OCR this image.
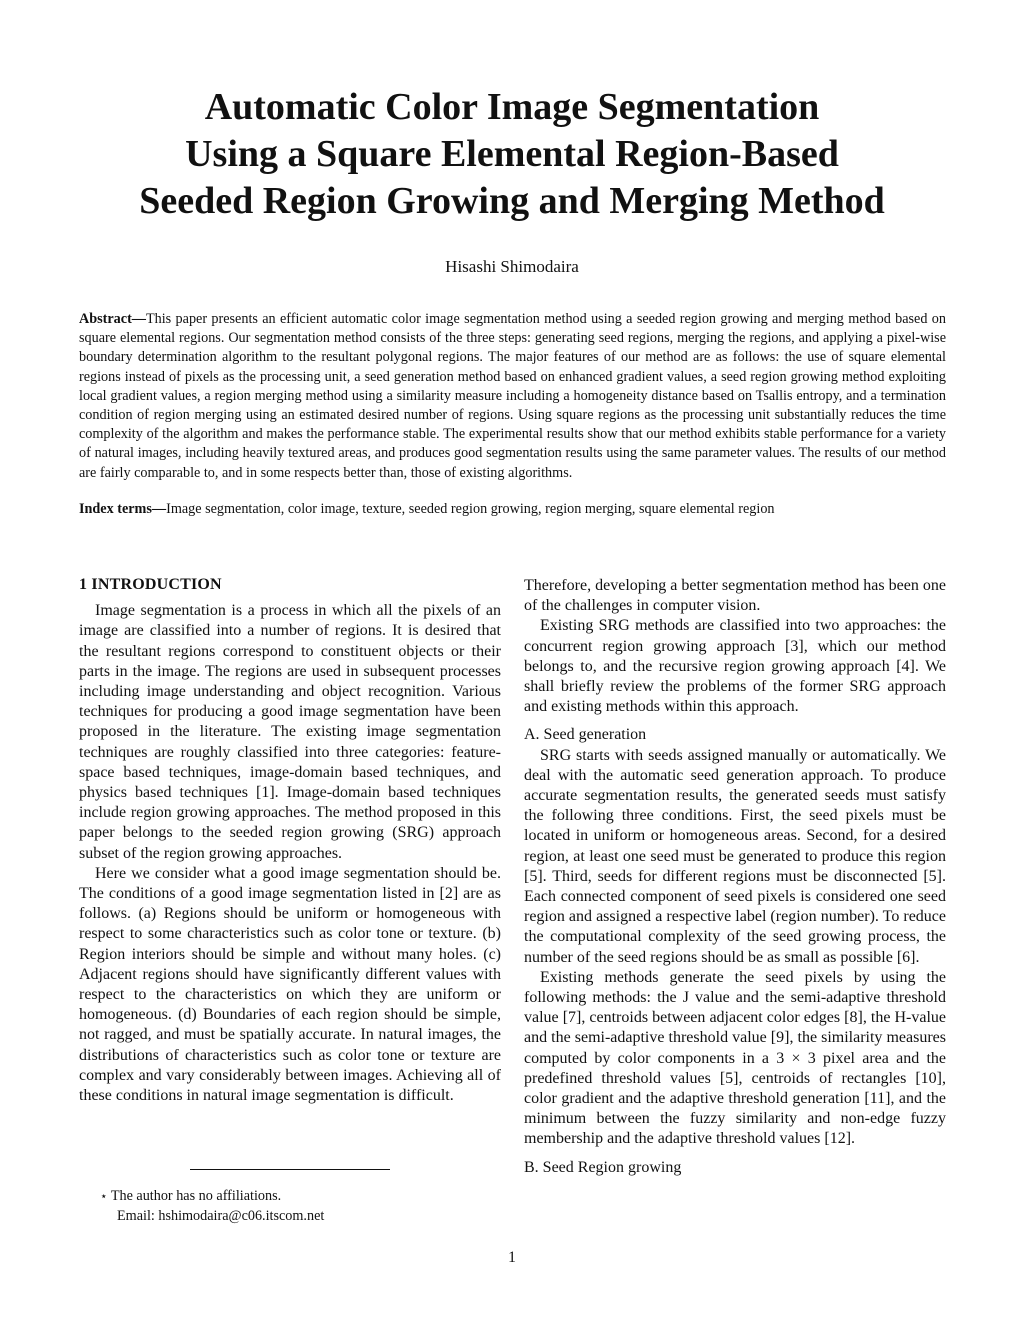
Automatic Color Image Segmentation
Using a Square Elemental Region-Based
Seeded Region Growing and Merging Method
Hisashi Shimodaira

Abstract—This paper presents an efficient automatic color image segmentation method using a seeded region growing and merging method based on square elemental regions. Our segmentation method consists of the three steps: generating seed regions, merging the regions, and applying a pixel-wise boundary determination algorithm to the resultant polygonal regions. The major features of our method are as follows: the use of square elemental regions instead of pixels as the processing unit, a seed generation method based on enhanced gradient values, a seed region growing method exploiting local gradient values, a region merging method using a similarity measure including a homogeneity distance based on Tsallis entropy, and a termination condition of region merging using an estimated desired number of regions. Using square regions as the processing unit substantially reduces the time complexity of the algorithm and makes the performance stable. The experimental results show that our method exhibits stable performance for a variety of natural images, including heavily textured areas, and produces good segmentation results using the same parameter values. The results of our method are fairly comparable to, and in some respects better than, those of existing algorithms.

Index terms—Image segmentation, color image, texture, seeded region growing, region merging, square elemental region

1 INTRODUCTION

Image segmentation is a process in which all the pixels of an image are classified into a number of regions. It is desired that the resultant regions correspond to constituent objects or their parts in the image. The regions are used in subsequent processes including image understanding and object recognition. Various techniques for producing a good image segmentation have been proposed in the literature. The existing image segmentation techniques are roughly classified into three categories: feature-space based techniques, image-domain based techniques, and physics based techniques [1]. Image-domain based techniques include region growing approaches. The method proposed in this paper belongs to the seeded region growing (SRG) approach subset of the region growing approaches.

Here we consider what a good image segmentation should be. The conditions of a good image segmentation listed in [2] are as follows. (a) Regions should be uniform or homogeneous with respect to some characteristics such as color tone or texture. (b) Region interiors should be simple and without many holes. (c) Adjacent regions should have significantly different values with respect to the characteristics on which they are uniform or homogeneous. (d) Boundaries of each region should be simple, not ragged, and must be spatially accurate. In natural images, the distributions of characteristics such as color tone or texture are complex and vary considerably between images. Achieving all of these conditions in natural image segmentation is difficult.

Therefore, developing a better segmentation method has been one of the challenges in computer vision.

Existing SRG methods are classified into two approaches: the concurrent region growing approach [3], which our method belongs to, and the recursive region growing approach [4]. We shall briefly review the problems of the former SRG approach and existing methods within this approach.

A. Seed generation

SRG starts with seeds assigned manually or automatically. We deal with the automatic seed generation approach. To produce accurate segmentation results, the generated seeds must satisfy the following three conditions. First, the seed pixels must be located in uniform or homogeneous areas. Second, for a desired region, at least one seed must be generated to produce this region [5]. Third, seeds for different regions must be disconnected [5]. Each connected component of seed pixels is considered one seed region and assigned a respective label (region number). To reduce the computational complexity of the seed growing process, the number of the seed regions should be as small as possible [6].

Existing methods generate the seed pixels by using the following methods: the J value and the semi-adaptive threshold value [7], centroids between adjacent color edges [8], the H-value and the semi-adaptive threshold value [9], the similarity measures computed by color components in a 3 × 3 pixel area and the predefined threshold values [5], centroids of rectangles [10], color gradient and the adaptive threshold generation [11], and the minimum between the fuzzy similarity and non-edge fuzzy membership and the adaptive threshold values [12].

B. Seed Region growing
⋆ The author has no affiliations.
Email: hshimodaira@c06.itscom.net
1
